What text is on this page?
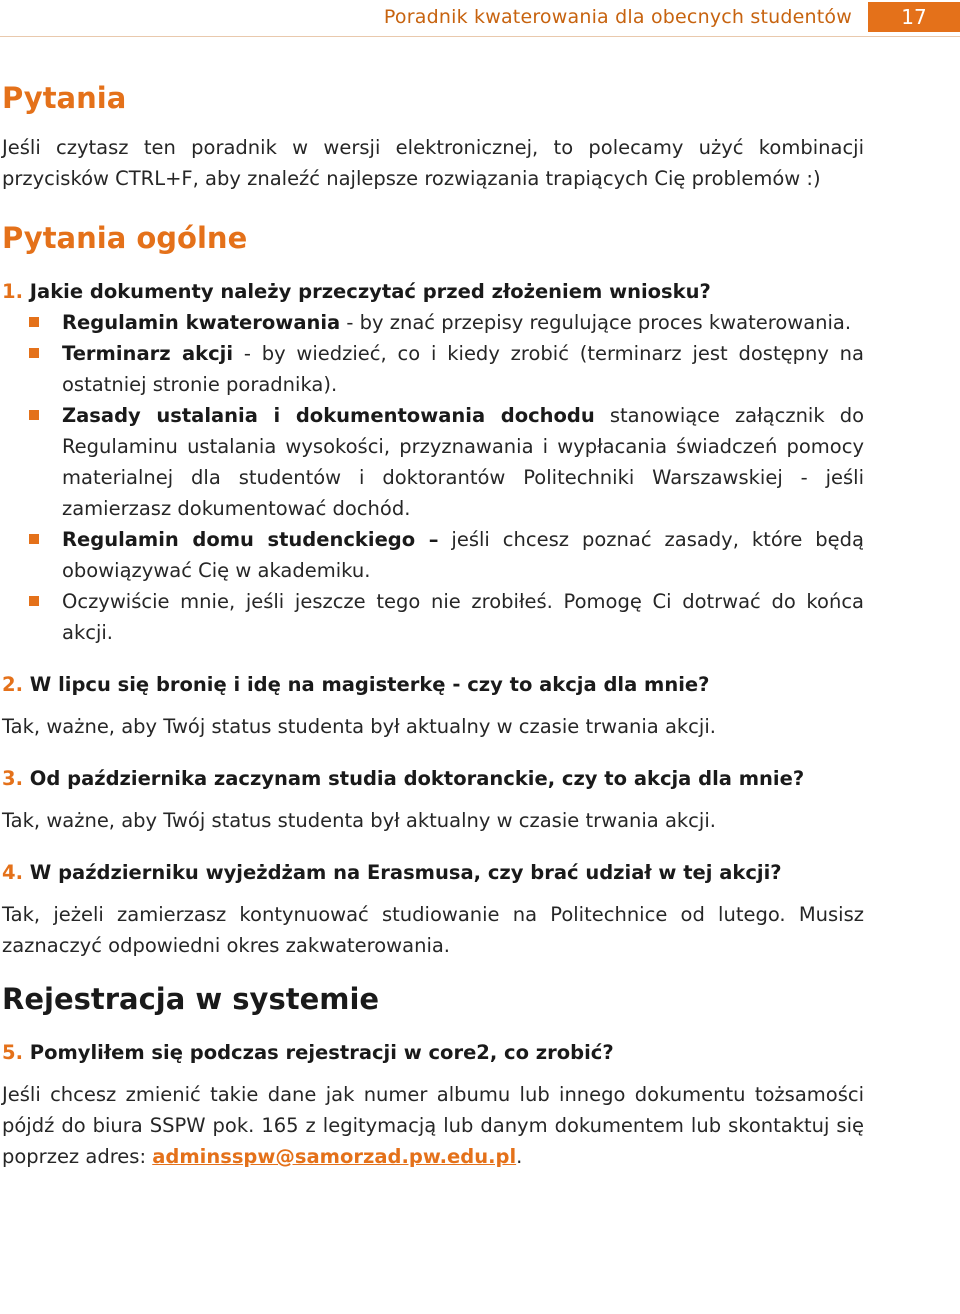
Poradnik kwaterowania dla obecnych studentów	17
Pytania

Jeśli czytasz ten poradnik w wersji elektronicznej, to polecamy użyć kombinacji przycisków CTRL+F, aby znaleźć najlepsze rozwiązania trapiących Cię problemów :)

Pytania ogólne
1. Jakie dokumenty należy przeczytać przed złożeniem wniosku?
Regulamin kwaterowania - by znać przepisy regulujące proces kwaterowania.
Terminarz akcji - by wiedzieć, co i kiedy zrobić (terminarz jest dostępny na ostatniej stronie poradnika).
Zasady ustalania i dokumentowania dochodu stanowiące załącznik do Regulaminu ustalania wysokości, przyznawania i wypłacania świadczeń pomocy materialnej dla studentów i doktorantów Politechniki Warszawskiej - jeśli zamierzasz dokumentować dochód.
Regulamin domu studenckiego – jeśli chcesz poznać zasady, które będą obowiązywać Cię w akademiku.
Oczywiście mnie, jeśli jeszcze tego nie zrobiłeś. Pomogę Ci dotrwać do końca akcji.
2. W lipcu się bronię i idę na magisterkę - czy to akcja dla mnie?

Tak, ważne, aby Twój status studenta był aktualny w czasie trwania akcji.

3. Od października zaczynam studia doktoranckie, czy to akcja dla mnie?

Tak, ważne, aby Twój status studenta był aktualny w czasie trwania akcji.

4. W październiku wyjeżdżam na Erasmusa, czy brać udział w tej akcji?

Tak, jeżeli zamierzasz kontynuować studiowanie na Politechnice od lutego. Musisz zaznaczyć odpowiedni okres zakwaterowania.

Rejestracja w systemie
5. Pomyliłem się podczas rejestracji w core2, co zrobić?

Jeśli chcesz zmienić takie dane jak numer albumu lub innego dokumentu tożsamości pójdź do biura SSPW pok. 165 z legitymacją lub danym dokumentem lub skontaktuj się poprzez adres: adminsspw@samorzad.pw.edu.pl.
